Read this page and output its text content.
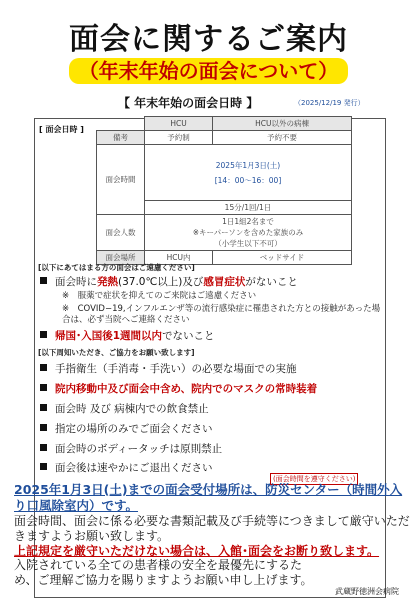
面会に関するご案内
（年末年始の面会について）
【 年末年始の面会日時 】	（2025/12/19 発行）
[ 面会日時 ]
	HCU	HCU以外の病棟
備考	予約制	予約不要
面会時間	2025年1月3日(土)
[14：00〜16：00]	

	15分/1回/1日	
面会人数	1日1組2名まで
※キーパーソンを含めた家族のみ
（小学生以下不可）	

面会場所	HCU内	ベッドサイド
[以下にあてはまる方の面会はご遠慮ください]
面会時に発熱(37.0℃以上)及び感冒症状がないこと
※　服薬で症状を抑えてのご来院はご遠慮ください
※　COVID−19,インフルエンザ等の流行感染症に罹患された方との接触があった場合は、必ず当院へご連絡ください
帰国･入国後1週間以内でないこと
[以下周知いただき、ご協力をお願い致します]
手指衛生（手消毒・手洗い）の必要な場面での実施
院内移動中及び面会中含め、院内でのマスクの常時装着
面会時 及び 病棟内での飲食禁止
指定の場所のみでご面会ください
面会時のボディータッチは原則禁止
面会後は速やかにご退出ください
(面会時間を遵守ください)
2025年1月3日(土)までの面会受付場所は、防災センター（時間外入り口風除室内）です。
面会時間、面会に係る必要な書類記載及び手続等につきまして厳守いただきますようお願い致します。
上記規定を厳守いただけない場合は、入館･面会をお断り致します。
入院されている全ての患者様の安全を最優先にするため、ご理解ご協力を賜りますようお願い申し上げます。
武蔵野徳洲会病院
